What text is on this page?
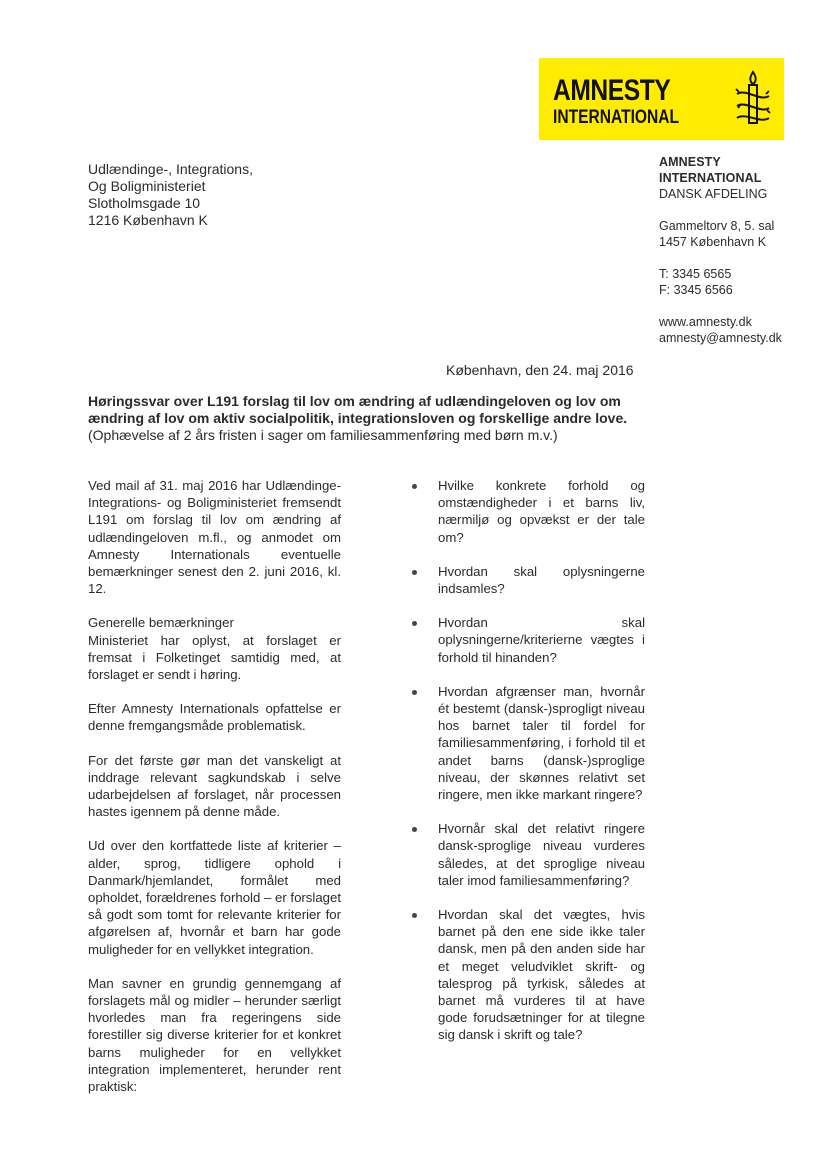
AMNESTY
INTERNATIONAL
AMNESTY INTERNATIONAL
DANSK AFDELING
Gammeltorv 8, 5. sal
1457 København K
T: 3345 6565
F: 3345 6566
www.amnesty.dk
amnesty@amnesty.dk
Udlændinge-, Integrations,
Og Boligministeriet
Slotholmsgade 10
1216 København K
København, den 24. maj 2016
Høringssvar over L191 forslag til lov om ændring af udlændingeloven og lov om ændring af lov om aktiv socialpolitik, integrationsloven og forskellige andre love. (Ophævelse af 2 års fristen i sager om familiesammenføring med børn m.v.)

Ved mail af 31. maj 2016 har Udlændinge-Integrations- og Boligministeriet fremsendt L191 om forslag til lov om ændring af udlændingeloven m.fl., og anmodet om Amnesty Internationals eventuelle bemærkninger senest den 2. juni 2016, kl. 12.

Generelle bemærkninger
Ministeriet har oplyst, at forslaget er fremsat i Folketinget samtidig med, at forslaget er sendt i høring.

Efter Amnesty Internationals opfattelse er denne fremgangsmåde problematisk.

For det første gør man det vanskeligt at inddrage relevant sagkundskab i selve udarbejdelsen af forslaget, når processen hastes igennem på denne måde.

Ud over den kortfattede liste af kriterier – alder, sprog, tidligere ophold i Danmark/hjemlandet, formålet med opholdet, forældrenes forhold – er forslaget så godt som tomt for relevante kriterier for afgørelsen af, hvornår et barn har gode muligheder for en vellykket integration.

Man savner en grundig gennemgang af forslagets mål og midler – herunder særligt hvorledes man fra regeringens side forestiller sig diverse kriterier for et konkret barns muligheder for en vellykket integration implementeret, herunder rent praktisk:

Hvilke konkrete forhold og omstændigheder i et barns liv, nærmiljø og opvækst er der tale om?
Hvordan skal oplysningerne indsamles?
Hvordan skal oplysningerne/kriterierne vægtes i forhold til hinanden?
Hvordan afgrænser man, hvornår ét bestemt (dansk-)sprogligt niveau hos barnet taler til fordel for familiesammenføring, i forhold til et andet barns (dansk-)sproglige niveau, der skønnes relativt set ringere, men ikke markant ringere?
Hvornår skal det relativt ringere dansk-sproglige niveau vurderes således, at det sproglige niveau taler imod familiesammenføring?
Hvordan skal det vægtes, hvis barnet på den ene side ikke taler dansk, men på den anden side har et meget veludviklet skrift- og talesprog på tyrkisk, således at barnet må vurderes til at have gode forudsætninger for at tilegne sig dansk i skrift og tale?
